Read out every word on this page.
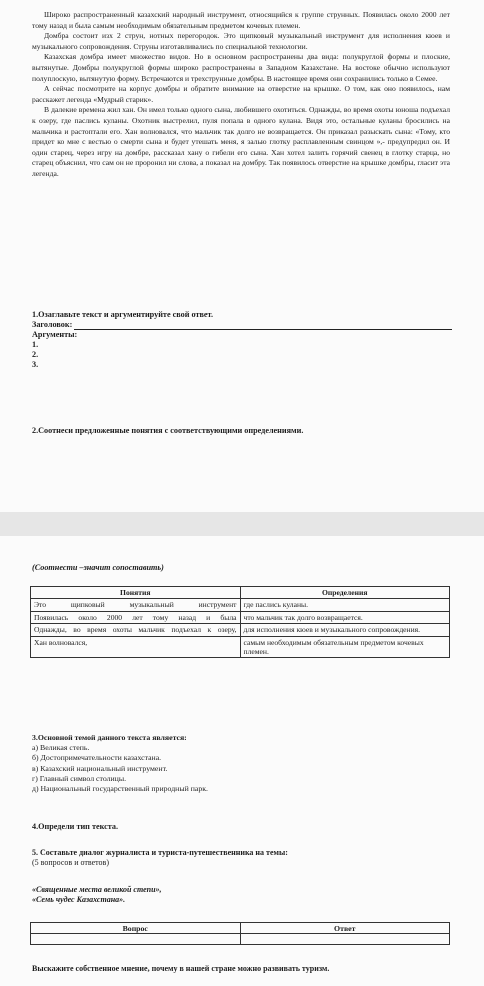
Широко распространенный казахский народный инструмент, относящийся к группе струнных. Появилась около 2000 лет тому назад и была самым необходимым обязательным предметом кочевых племен.

Домбра состоит изх 2 струн, нотных перегородок. Это щипковый музыкальный инструмент для исполнения кюев и музыкального сопровождения. Струны изготавливались по специальной технологии.

Казахская домбра имеет множество видов. Но в основном распространены два вида: полукруглой формы и плоские, вытянутые. Домбры полукруглой формы широко распространены в Западном Казахстане. На востоке обычно используют полуплоскую, вытянутую форму. Встречаются и трехструнные домбры. В настоящее время они сохранились только в Семее.

А сейчас посмотрите на корпус домбры и обратите внимание на отверстие на крышке. О том, как оно появилось, нам расскажет легенда «Мудрый старик».

В далекие времена жил хан. Он имел только одного сына, любившего охотиться. Однажды, во время охоты юноша подъехал к озеру, где паслись куланы. Охотник выстрелил, пуля попала в одного кулана. Видя это, остальные куланы бросились на мальчика и растоптали его. Хан волновался, что мальчик так долго не возвращается. Он приказал разыскать сына: «Тому, кто придет ко мне с вестью о смерти сына и будет утешать меня, я залью глотку расплавленным свинцом »,- предупредил он. И один старец, через игру на домбре, рассказал хану о гибели его сына. Хан хотел залить горячий свенец в глотку старца, но старец объяснил, что сам он не проронил ни слова, а показал на домбру. Так появилось отверстие на крышке домбры, гласит эта легенда.

1.Озаглавьте текст и аргументируйте свой ответ.
Заголовок:
Аргументы:
1.
2.
3.
2.Соотнеси предложенные понятия с соответствующими определениями.
(Соотнести –значит сопоставить)
Понятия	Определения
Это щипковый музыкальный инструмент	где паслись куланы.
Появилась около 2000 лет тому назад и была	что мальчик так долго возвращается.
Однажды, во время охоты мальчик подъехал к озеру,	для исполнения кюев и музыкального сопровождения.
Хан волновался,	самым необходимым обязательным предметом кочевых племен.
3.Основной темой данного текста является:
а) Великая степь.
б) Достопримечательности казахстана.
в) Казахский национальный инструмент.
г) Главный символ столицы.
д) Национальный государственный природный парк.
4.Определи тип текста.
5. Составьте диалог журналиста и туриста-путешественника на темы:
(5 вопросов и ответов)
«Священные места великой степи»,
«Семь чудес Казахстана».
Вопрос	Ответ

Выскажите собственное мнение, почему в нашей стране можно развивать туризм.
